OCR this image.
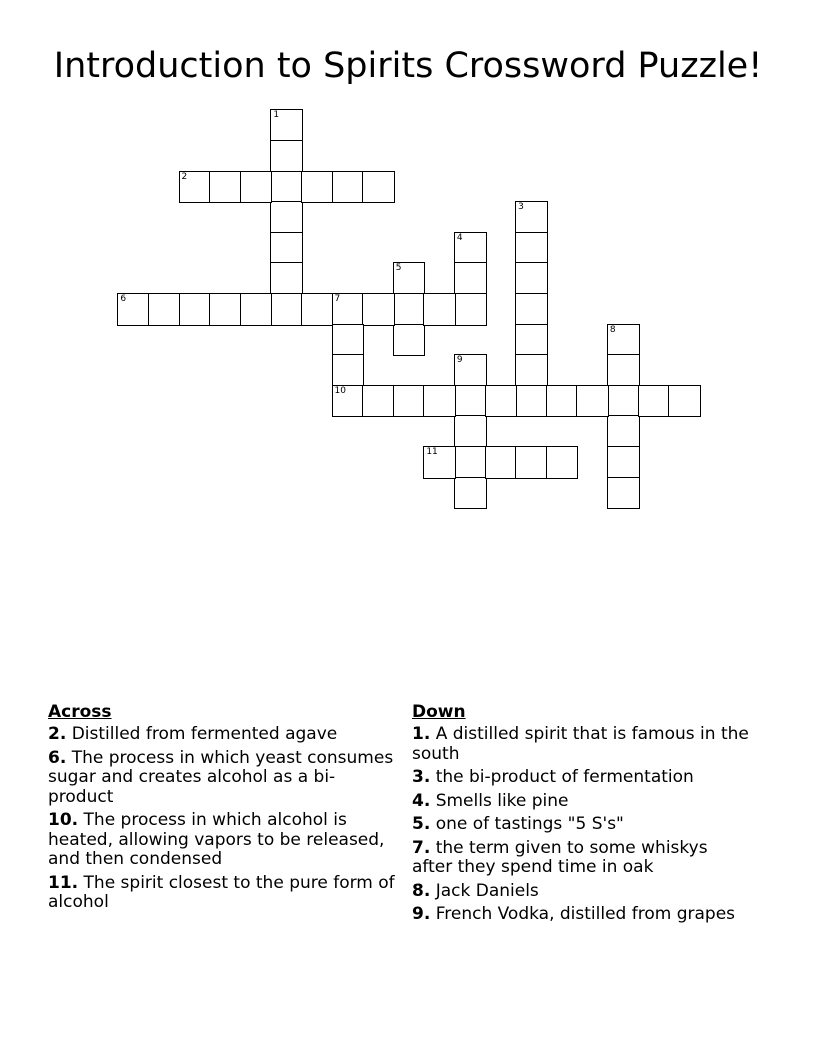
Introduction to Spirits Crossword Puzzle!
1
2
3
4
5
6	7
10
8
9
11
Across
2. Distilled from fermented agave
6. The process in which yeast consumes sugar and creates alcohol as a bi-product
10. The process in which alcohol is heated, allowing vapors to be released, and then condensed
11. The spirit closest to the pure form of alcohol
Down
1. A distilled spirit that is famous in the south
3. the bi-product of fermentation
4. Smells like pine
5. one of tastings "5 S's"
7. the term given to some whiskys after they spend time in oak
8. Jack Daniels
9. French Vodka, distilled from grapes
